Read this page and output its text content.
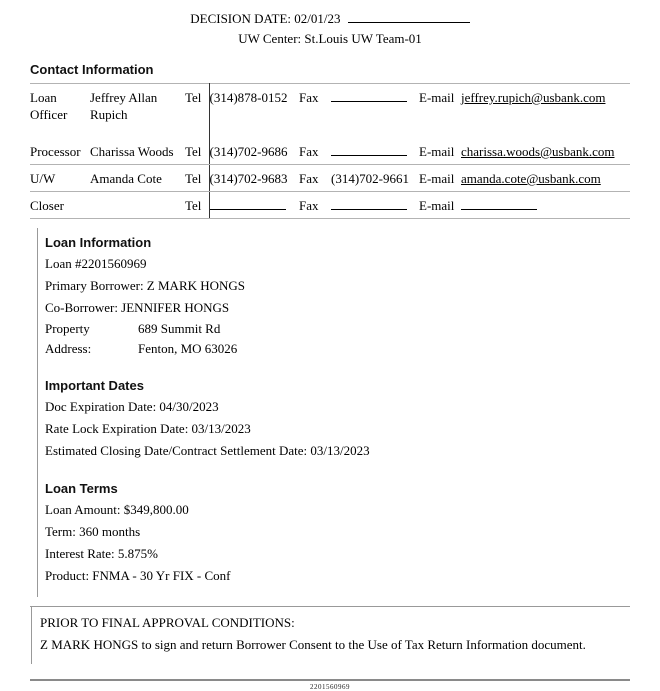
DECISION DATE: 02/01/23
UW Center: St.Louis UW Team-01
Contact Information
Loan Officer	Jeffrey Allan Rupich	Tel	(314)878-0152	Fax		E-mail	jeffrey.rupich@usbank.com
Processor	Charissa Woods	Tel	(314)702-9686	Fax		E-mail	charissa.woods@usbank.com
U/W	Amanda Cote	Tel	(314)702-9683	Fax	(314)702-9661	E-mail	amanda.cote@usbank.com
Closer		Tel		Fax		E-mail	
Loan Information
Loan #2201560969
Primary Borrower: Z MARK HONGS
Co-Borrower: JENNIFER HONGS
Property Address:
689 Summit Rd
Fenton, MO 63026
Important Dates
Doc Expiration Date: 04/30/2023
Rate Lock Expiration Date: 03/13/2023
Estimated Closing Date/Contract Settlement Date: 03/13/2023
Loan Terms
Loan Amount: $349,800.00
Term: 360 months
Interest Rate: 5.875%
Product: FNMA - 30 Yr FIX - Conf
PRIOR TO FINAL APPROVAL CONDITIONS:
Z MARK HONGS to sign and return Borrower Consent to the Use of Tax Return Information document.
2201560969
